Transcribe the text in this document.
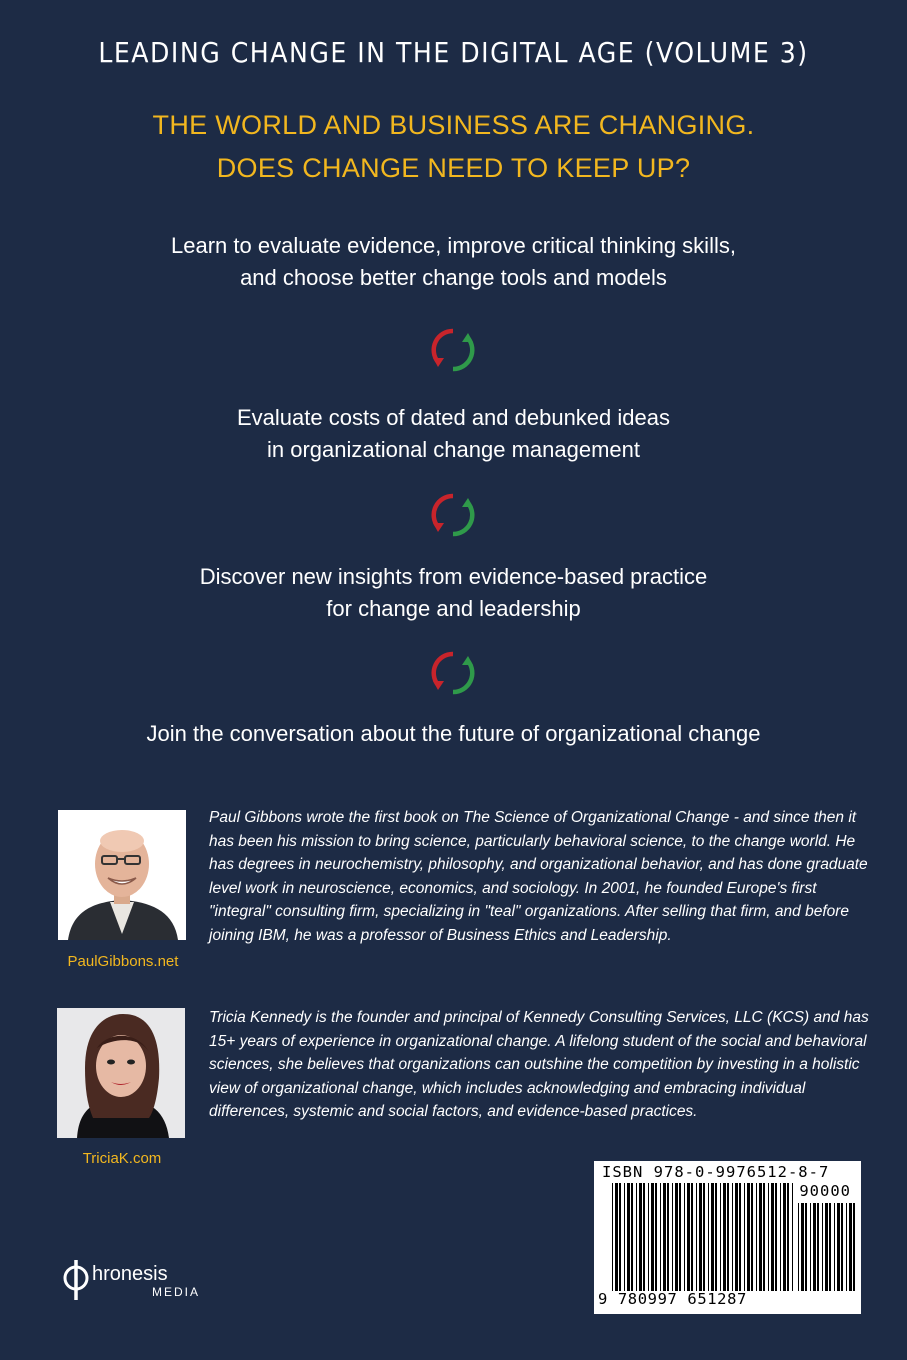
LEADING CHANGE IN THE DIGITAL AGE (VOLUME 3)
THE WORLD AND BUSINESS ARE CHANGING.
DOES CHANGE NEED TO KEEP UP?
Learn to evaluate evidence, improve critical thinking skills,
and choose better change tools and models
Evaluate costs of dated and debunked ideas
in organizational change management
Discover new insights from evidence-based practice
for change and leadership
Join the conversation about the future of organizational change
PaulGibbons.net
Paul Gibbons wrote the first book on The Science of Organizational Change - and since then it has been his mission to bring science, particularly behavioral science, to the change world. He has degrees in neurochemistry, philosophy, and organizational behavior, and has done graduate level work in neuroscience, economics, and sociology. In 2001, he founded Europe's first "integral" consulting firm, specializing in "teal" organizations. After selling that firm, and before joining IBM, he was a professor of Business Ethics and Leadership.
TriciaK.com
Tricia Kennedy is the founder and principal of Kennedy Consulting Services, LLC (KCS) and has 15+ years of experience in organizational change. A lifelong student of the social and behavioral sciences, she believes that organizations can outshine the competition by investing in a holistic view of organizational change, which includes acknowledging and embracing individual differences, systemic and social factors, and evidence-based practices.
hronesis
MEDIA
ISBN 978-0-9976512-8-7
90000
9 780997 651287
